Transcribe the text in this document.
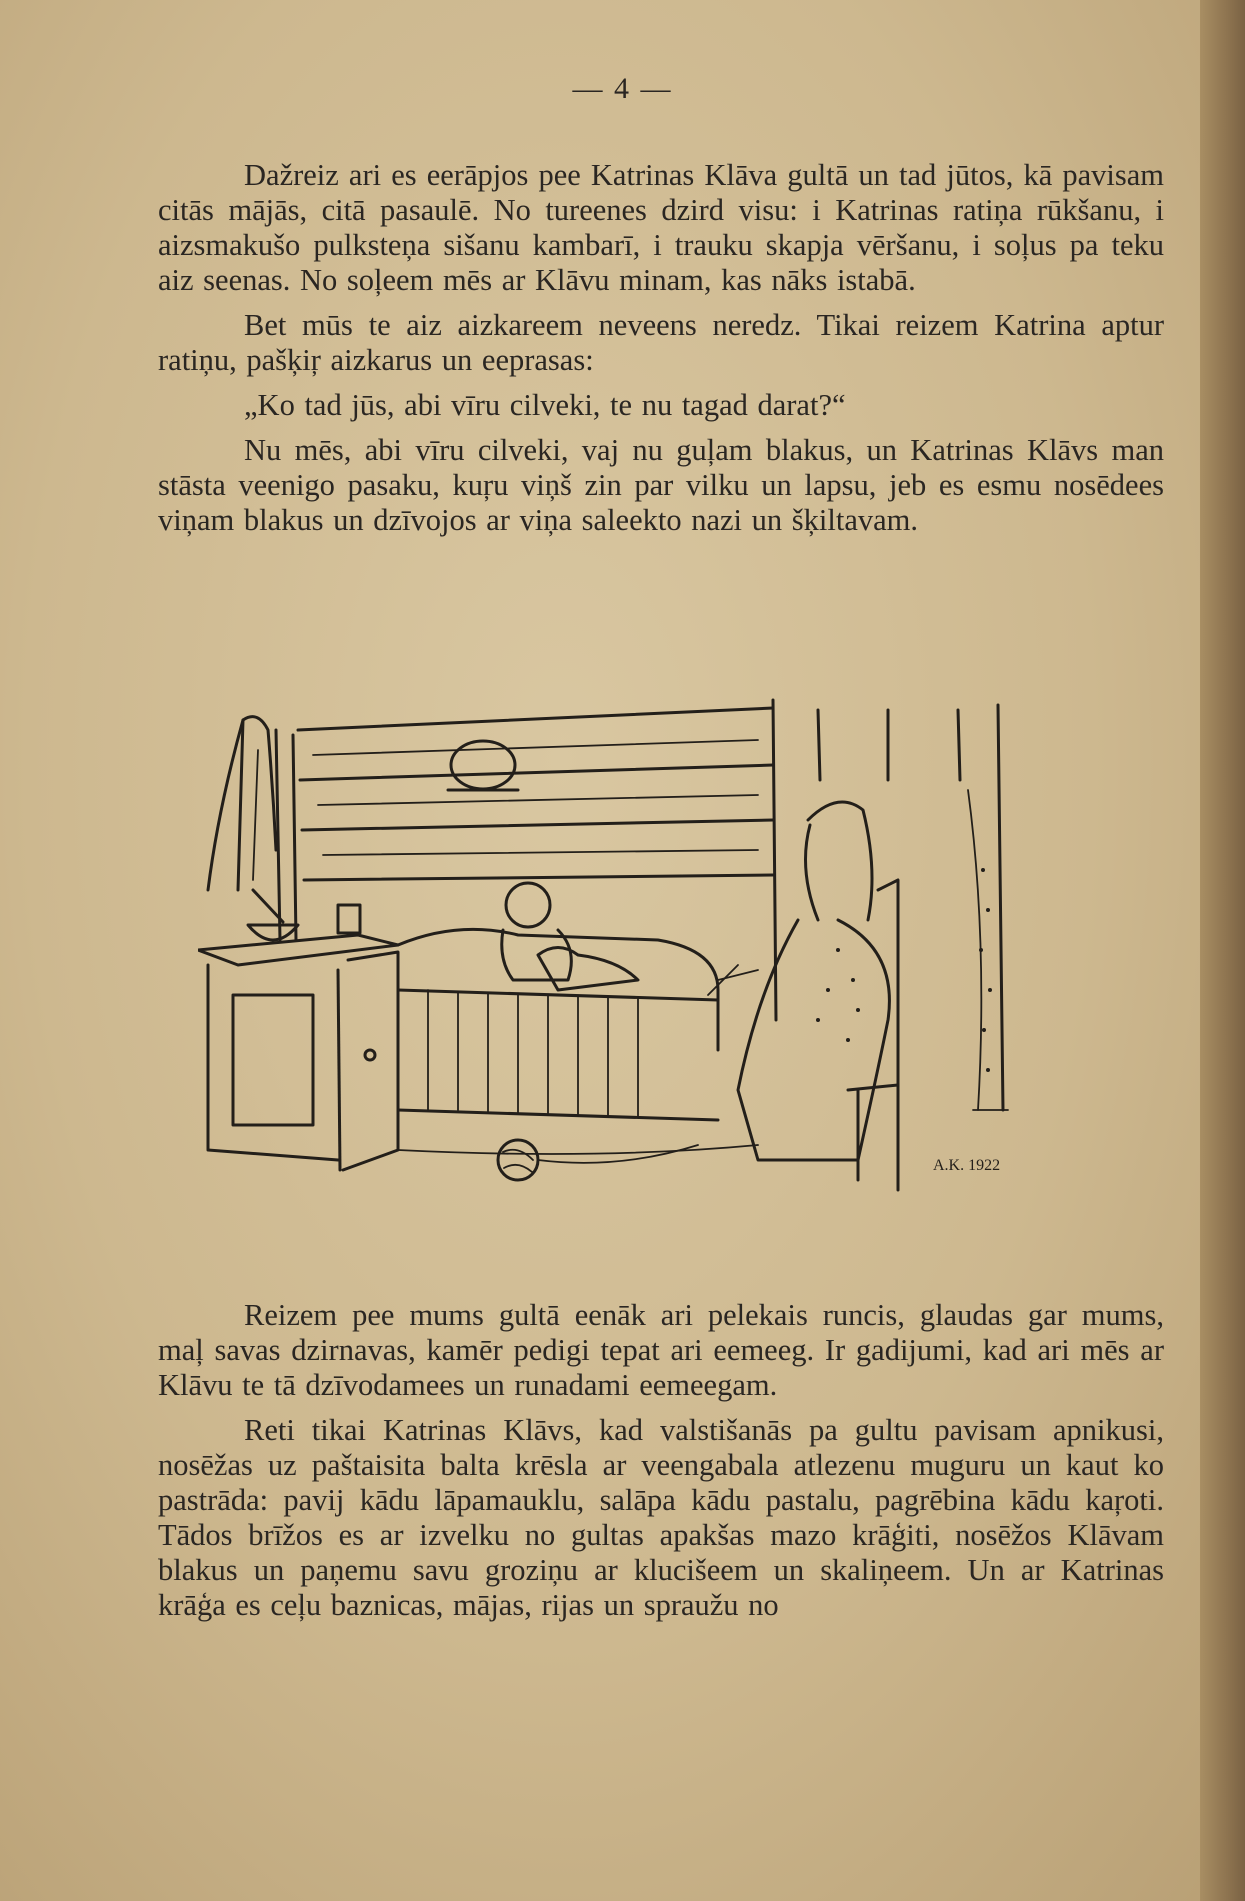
— 4 —

Dažreiz ari es eerāpjos pee Katrinas Klāva gultā un tad jūtos, kā pavisam citās mājās, citā pasaulē. No tureenes dzird visu: i Katrinas ratiņa rūkšanu, i aizsmakušo pulksteņa sišanu kambarī, i trauku skapja vēršanu, i soļus pa teku aiz seenas. No soļeem mēs ar Klāvu minam, kas nāks istabā.

Bet mūs te aiz aizkareem neveens neredz. Tikai reizem Katrina aptur ratiņu, pašķiŗ aizkarus un eeprasas:

„Ko tad jūs, abi vīru cilveki, te nu tagad darat?“

Nu mēs, abi vīru cilveki, vaj nu guļam blakus, un Katrinas Klāvs man stāsta veenigo pasaku, kuŗu viņš zin par vilku un lapsu, jeb es esmu nosēdees viņam blakus un dzīvojos ar viņa saleekto nazi un šķiltavam.

A.K. 1922

Reizem pee mums gultā eenāk ari pelekais runcis, glaudas gar mums, maļ savas dzirnavas, kamēr pedigi tepat ari eemeeg. Ir gadijumi, kad ari mēs ar Klāvu te tā dzīvodamees un runadami eemeegam.

Reti tikai Katrinas Klāvs, kad valstišanās pa gultu pavisam apnikusi, nosēžas uz paštaisita balta krēsla ar veengabala atlezenu muguru un kaut ko pastrāda: pavij kādu lāpamauklu, salāpa kādu pastalu, pagrēbina kādu kaŗoti. Tādos brīžos es ar izvelku no gultas apakšas mazo krāģiti, nosēžos Klāvam blakus un paņemu savu groziņu ar klucišeem un skaliņeem. Un ar Katrinas krāģa es ceļu baznicas, mājas, rijas un spraužu no
